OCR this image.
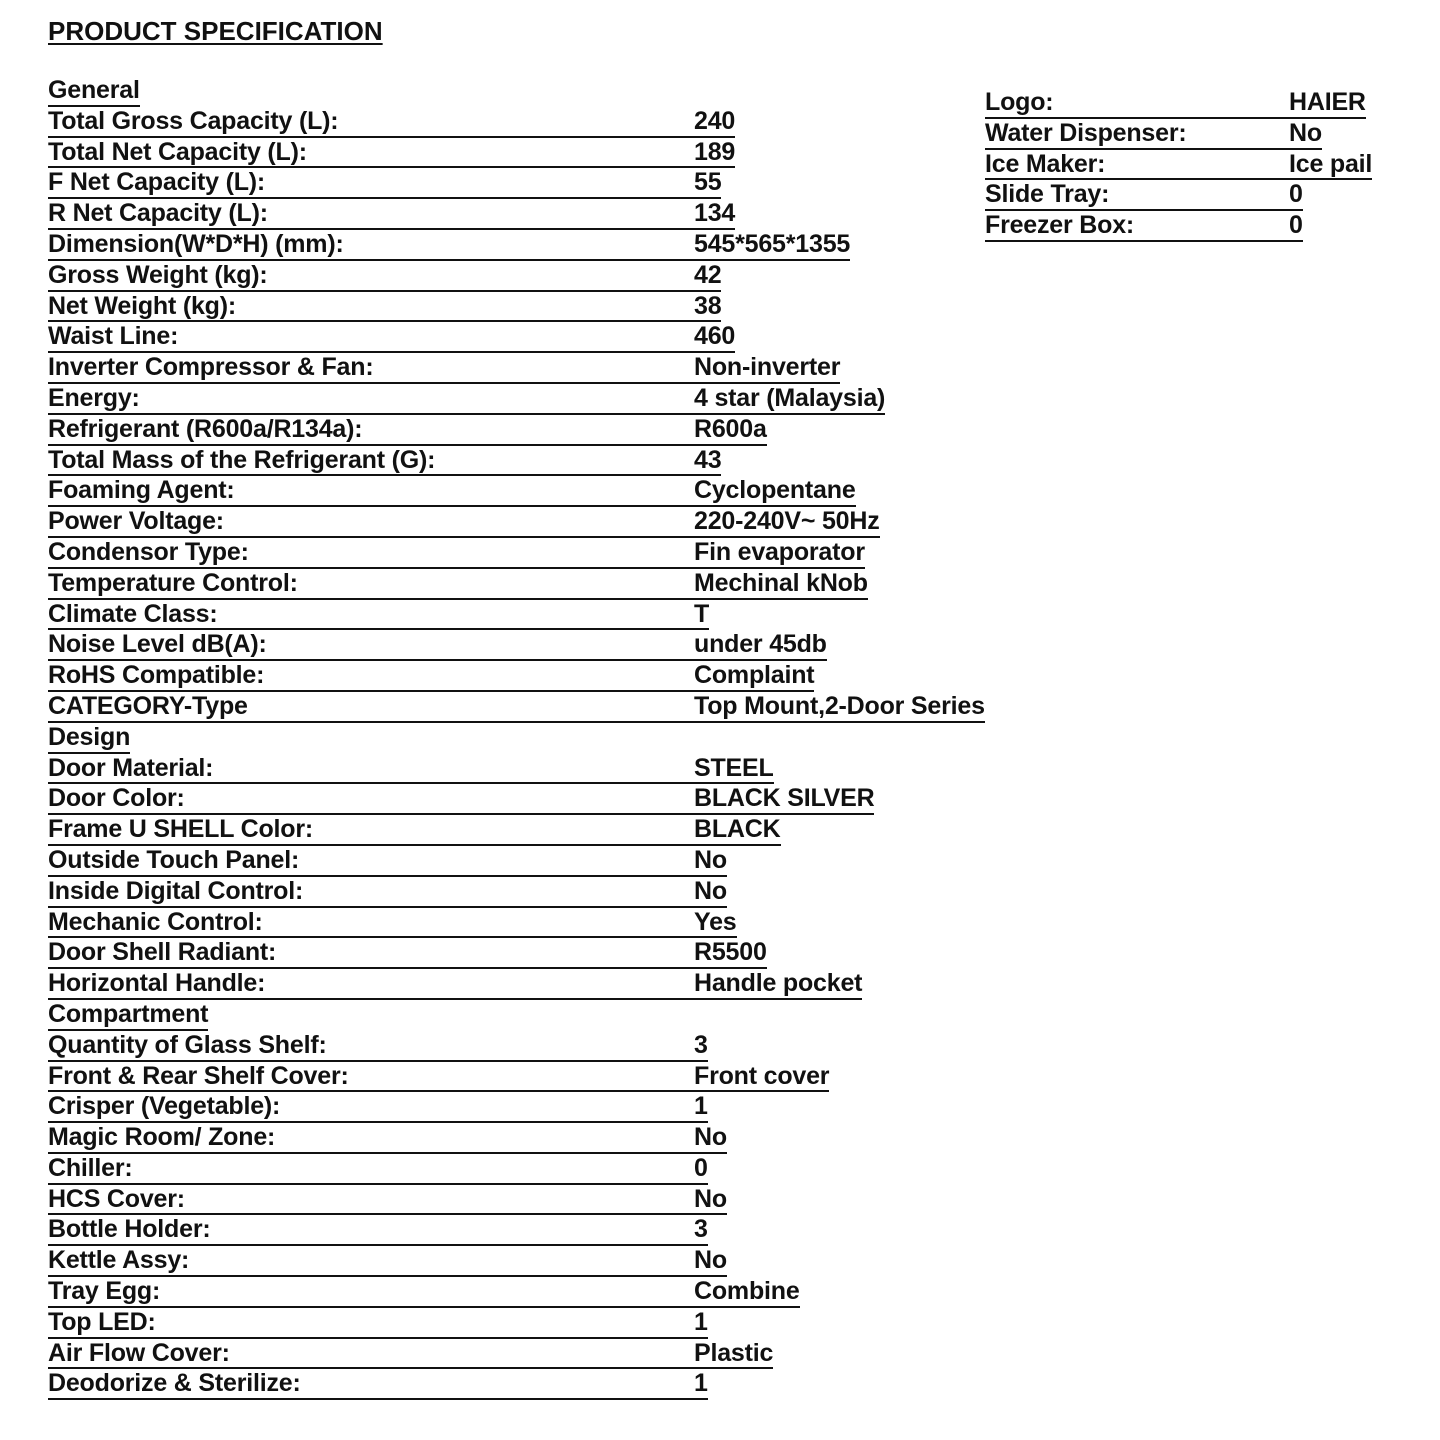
PRODUCT SPECIFICATION
General
Total Gross Capacity (L):	240
Total Net Capacity (L):	189
F Net Capacity (L):	55
R Net Capacity (L):	134
Dimension(W*D*H) (mm):	545*565*1355
Gross Weight (kg):	42
Net Weight (kg):	38
Waist Line:	460
Inverter Compressor & Fan:	Non-inverter
Energy:	4 star (Malaysia)
Refrigerant (R600a/R134a):	R600a
Total Mass of the Refrigerant (G):	43
Foaming Agent:	Cyclopentane
Power Voltage:	220-240V~ 50Hz
Condensor Type:	Fin evaporator
Temperature Control:	Mechinal kNob
Climate Class:	T
Noise Level dB(A):	under 45db
RoHS Compatible:	Complaint
CATEGORY-Type	Top Mount,2-Door Series
Design
Door Material:	STEEL
Door Color:	BLACK SILVER
Frame U SHELL Color:	BLACK
Outside Touch Panel:	No
Inside Digital Control:	No
Mechanic Control:	Yes
Door Shell Radiant:	R5500
Horizontal Handle:	Handle pocket
Compartment
Quantity of Glass Shelf:	3
Front & Rear Shelf Cover:	Front cover
Crisper (Vegetable):	1
Magic Room/ Zone:	No
Chiller:	0
HCS Cover:	No
Bottle Holder:	3
Kettle Assy:	No
Tray Egg:	Combine
Top LED:	1
Air Flow Cover:	Plastic
Deodorize & Sterilize:	1
Logo:	HAIER
Water Dispenser:	No
Ice Maker:	Ice pail
Slide Tray:	0
Freezer Box:	0
